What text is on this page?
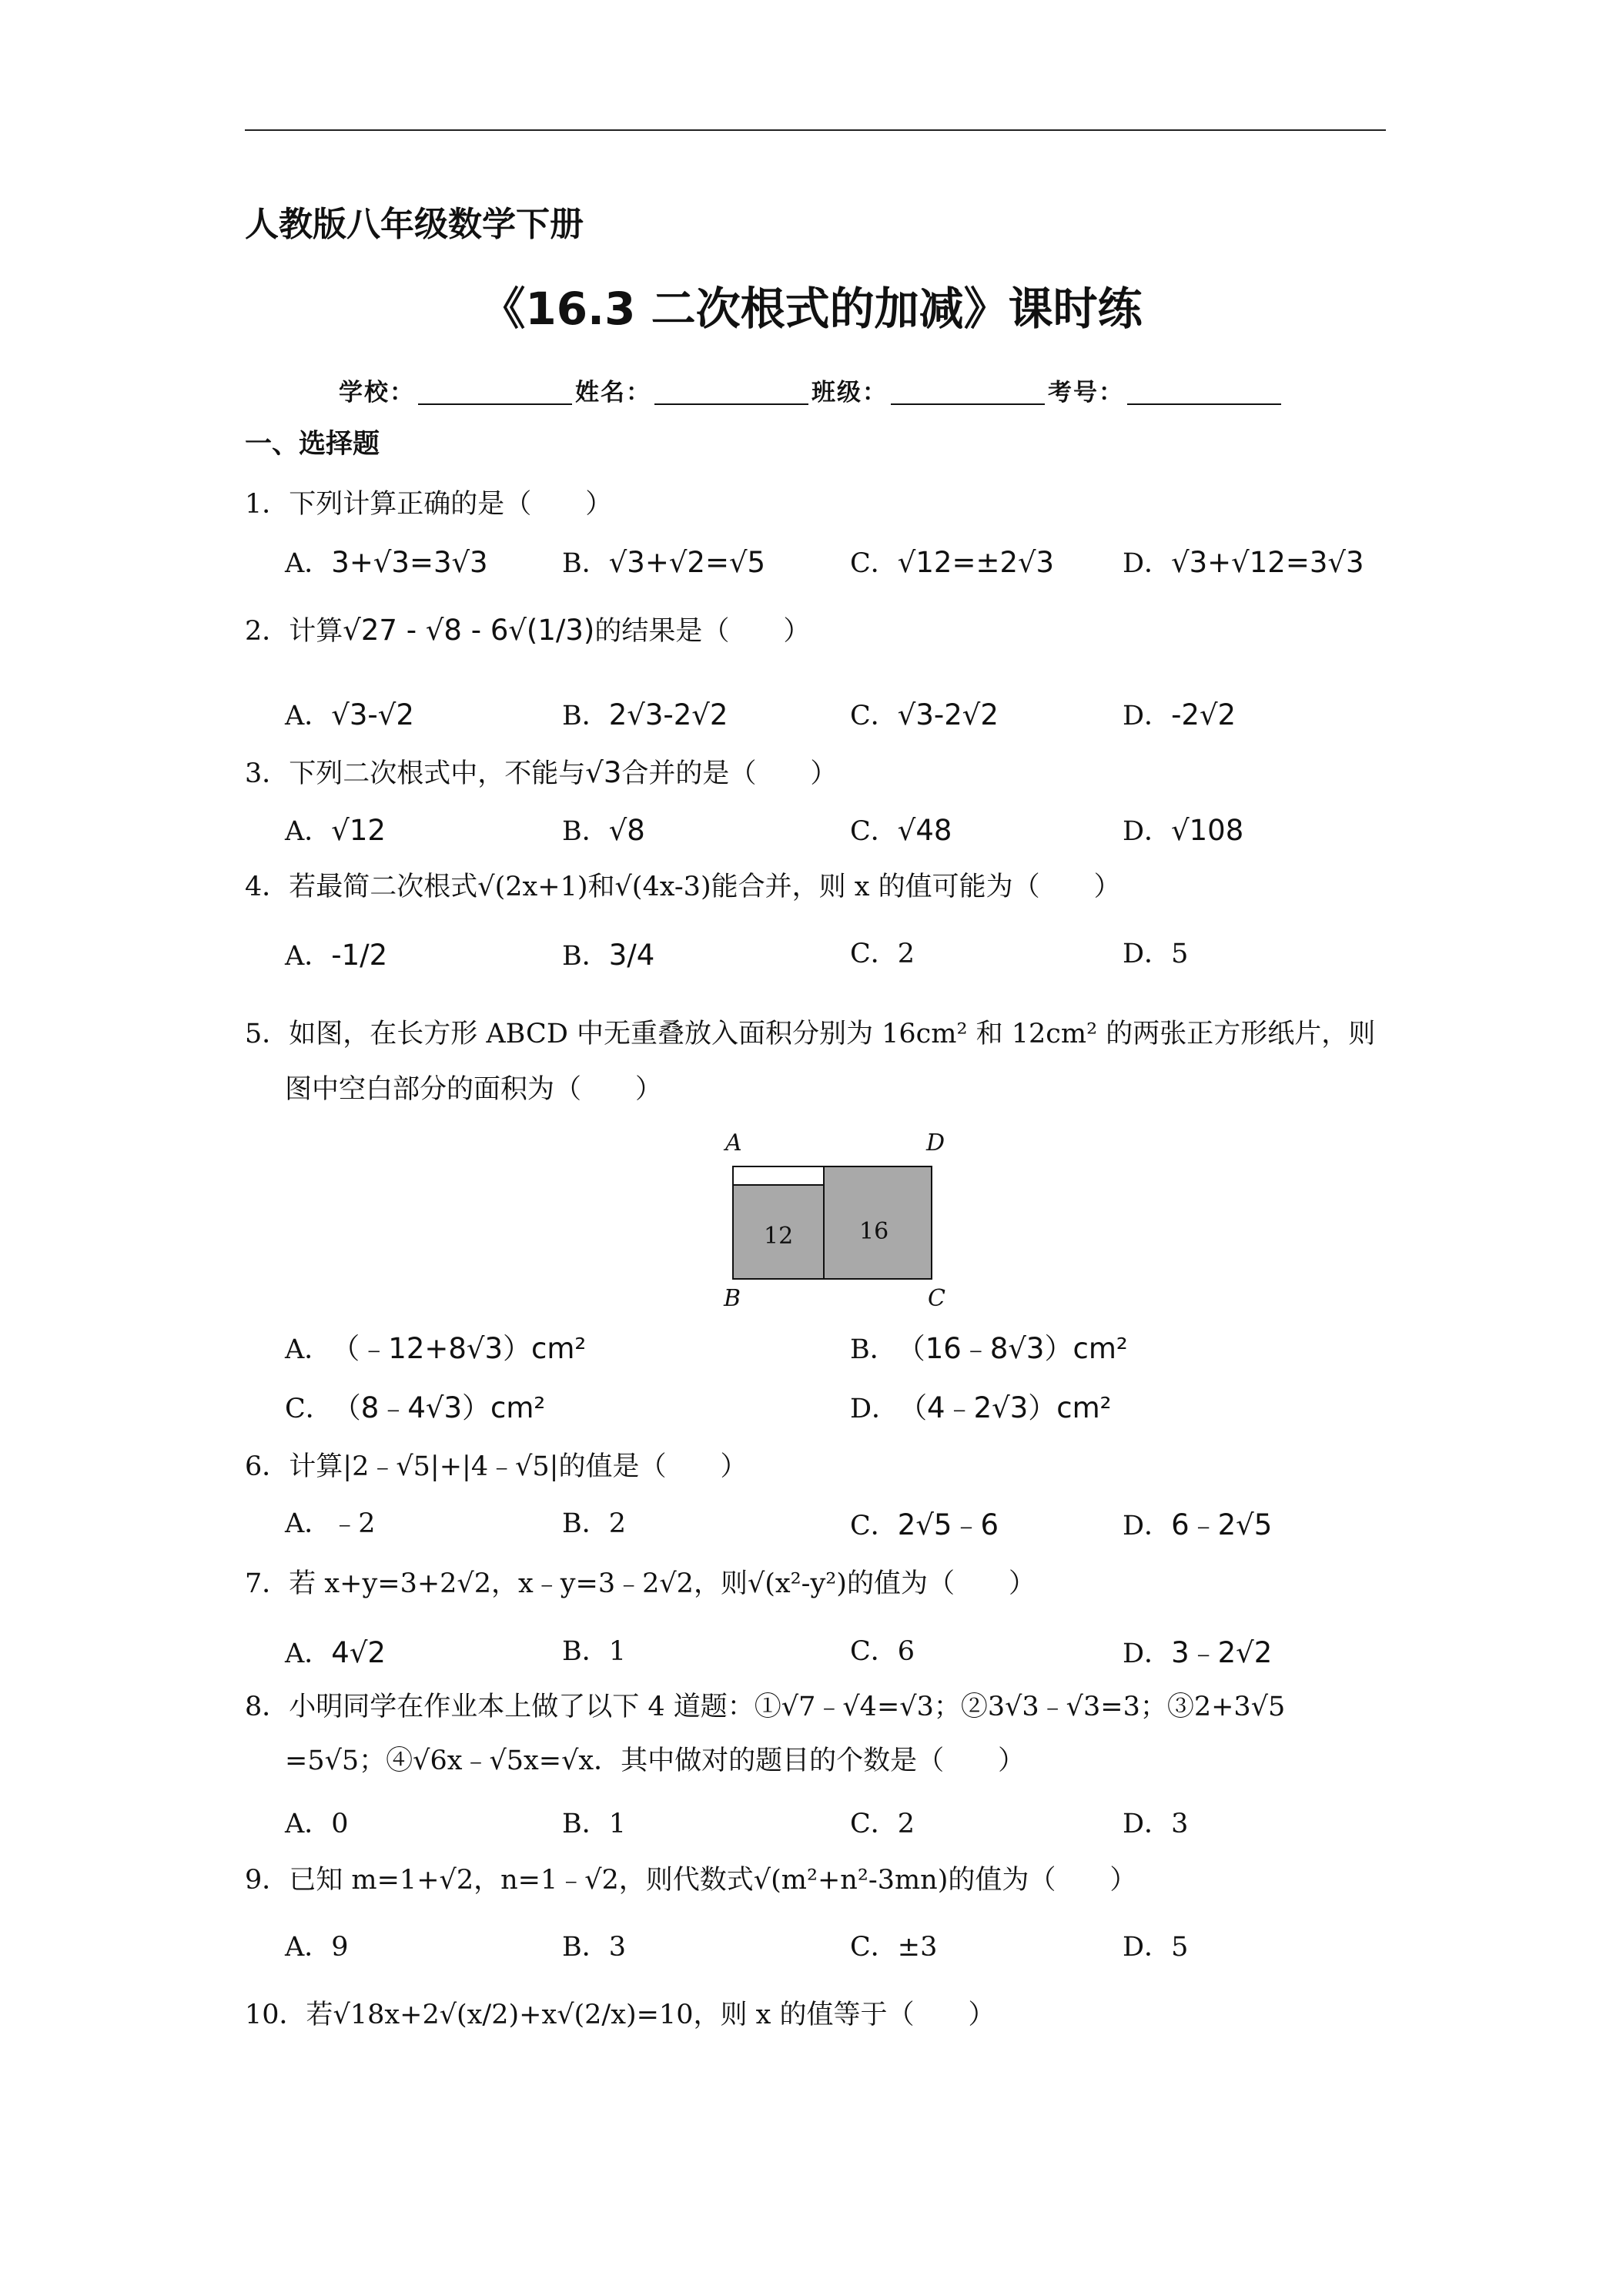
人教版八年级数学下册
《16.3 二次根式的加减》课时练
学校：	姓名：	班级：	考号：
一、选择题
1．下列计算正确的是（　　）
A．3+√3=3√3	B．√3+√2=√5	C．√12=±2√3	D．√3+√12=3√3
2．计算√27 - √8 - 6√(1/3)的结果是（　　）
A．√3-√2	B．2√3-2√2	C．√3-2√2	D．-2√2
3．下列二次根式中，不能与√3合并的是（　　）
A．√12	B．√8	C．√48	D．√108
4．若最简二次根式√(2x+1)和√(4x-3)能合并，则 x 的值可能为（　　）
A．-1/2	B．3/4	C．2	D．5
5．如图，在长方形 ABCD 中无重叠放入面积分别为 16cm² 和 12cm² 的两张正方形纸片，则
图中空白部分的面积为（　　）
12	16
A	D
B	C
A．（﹣12+8√3）cm²	B．（16﹣8√3）cm²
C．（8﹣4√3）cm²	D．（4﹣2√3）cm²
6．计算|2﹣√5|+|4﹣√5|的值是（　　）
A．﹣2	B．2	C．2√5﹣6	D．6﹣2√5
7．若 x+y=3+2√2，x﹣y=3﹣2√2，则√(x²-y²)的值为（　　）
A．4√2	B．1	C．6	D．3﹣2√2
8．小明同学在作业本上做了以下 4 道题：①√7﹣√4=√3；②3√3﹣√3=3；③2+3√5
=5√5；④√6x﹣√5x=√x．其中做对的题目的个数是（　　）
A．0	B．1	C．2	D．3
9．已知 m=1+√2，n=1﹣√2，则代数式√(m²+n²-3mn)的值为（　　）
A．9	B．3	C．±3	D．5
10．若√18x+2√(x/2)+x√(2/x)=10，则 x 的值等于（　　）
